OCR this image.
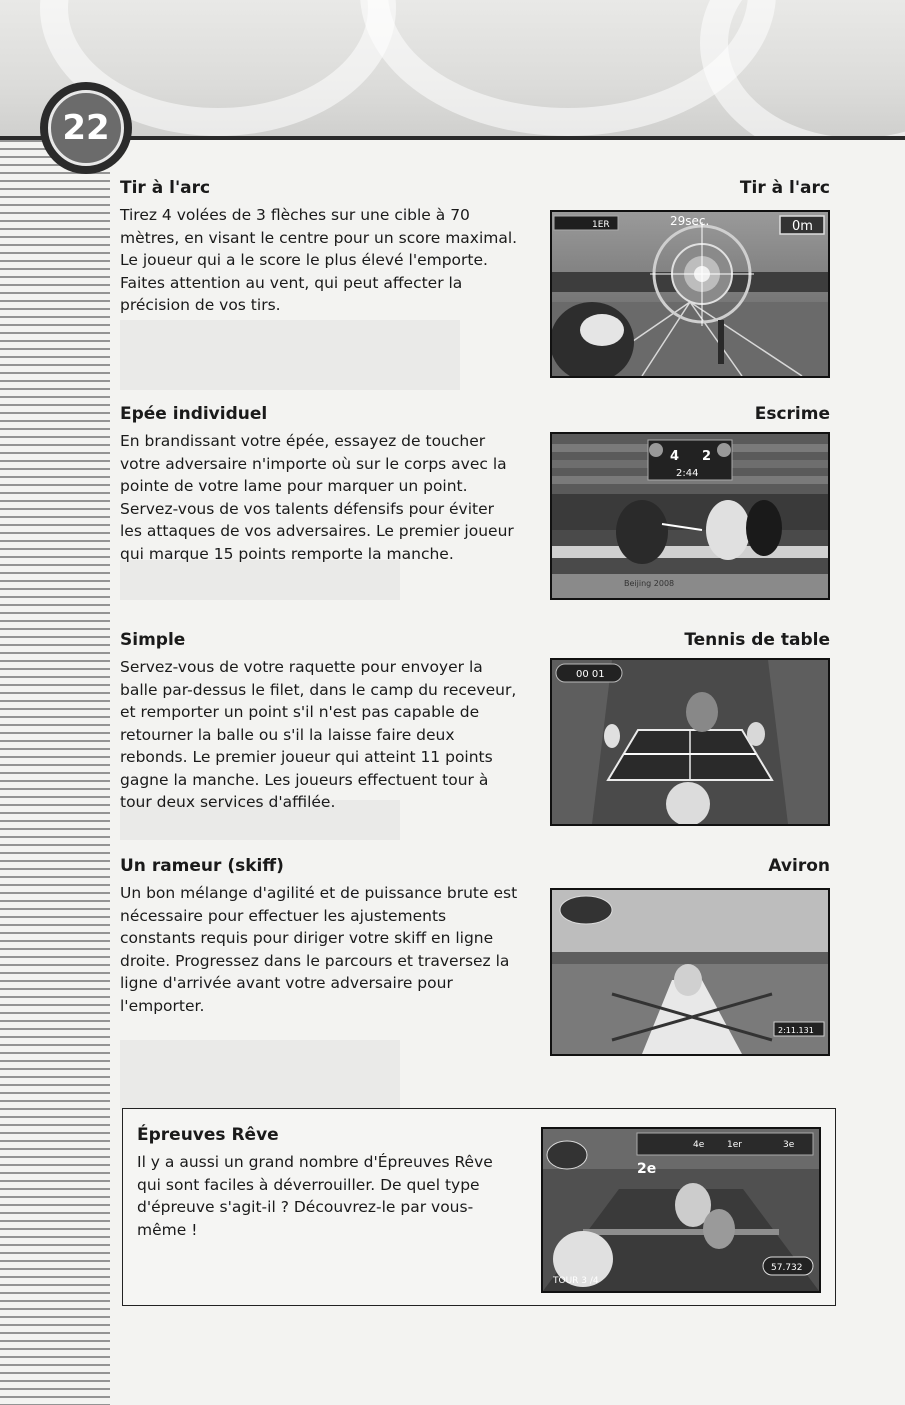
22
Tir à l'arc	Tir à l'arc
Tirez 4 volées de 3 flèches sur une cible à 70 mètres, en visant le centre pour un score maximal. Le joueur qui a le score le plus élevé l'emporte. Faites attention au vent, qui peut affecter la précision de vos tirs.
1ER	29sec.	0m
Epée individuel	Escrime
En brandissant votre épée, essayez de toucher votre adversaire n'importe où sur le corps avec la pointe de votre lame pour marquer un point. Servez-vous de vos talents défensifs pour éviter les attaques de vos adversaires. Le premier joueur qui marque 15 points remporte la manche.
4 2
2:44
Beijing 2008
Simple	Tennis de table
Servez-vous de votre raquette pour envoyer la balle par-dessus le filet, dans le camp du receveur, et remporter un point s'il n'est pas capable de retourner la balle ou s'il la laisse faire deux rebonds. Le premier joueur qui atteint 11 points gagne la manche. Les joueurs effectuent tour à tour deux services d'affilée.
00 01
Un rameur (skiff)	Aviron
Un bon mélange d'agilité et de puissance brute est nécessaire pour effectuer les ajustements constants requis pour diriger votre skiff en ligne droite. Progressez dans le parcours et traversez la ligne d'arrivée avant votre adversaire pour l'emporter.
2:11.131
Épreuves Rêve
Il y a aussi un grand nombre d'Épreuves Rêve qui sont faciles à déverrouiller. De quel type d'épreuve s'agit-il ? Découvrez-le par vous-même !
4e	1er	3e
2e
TOUR 3 /4
57.732
